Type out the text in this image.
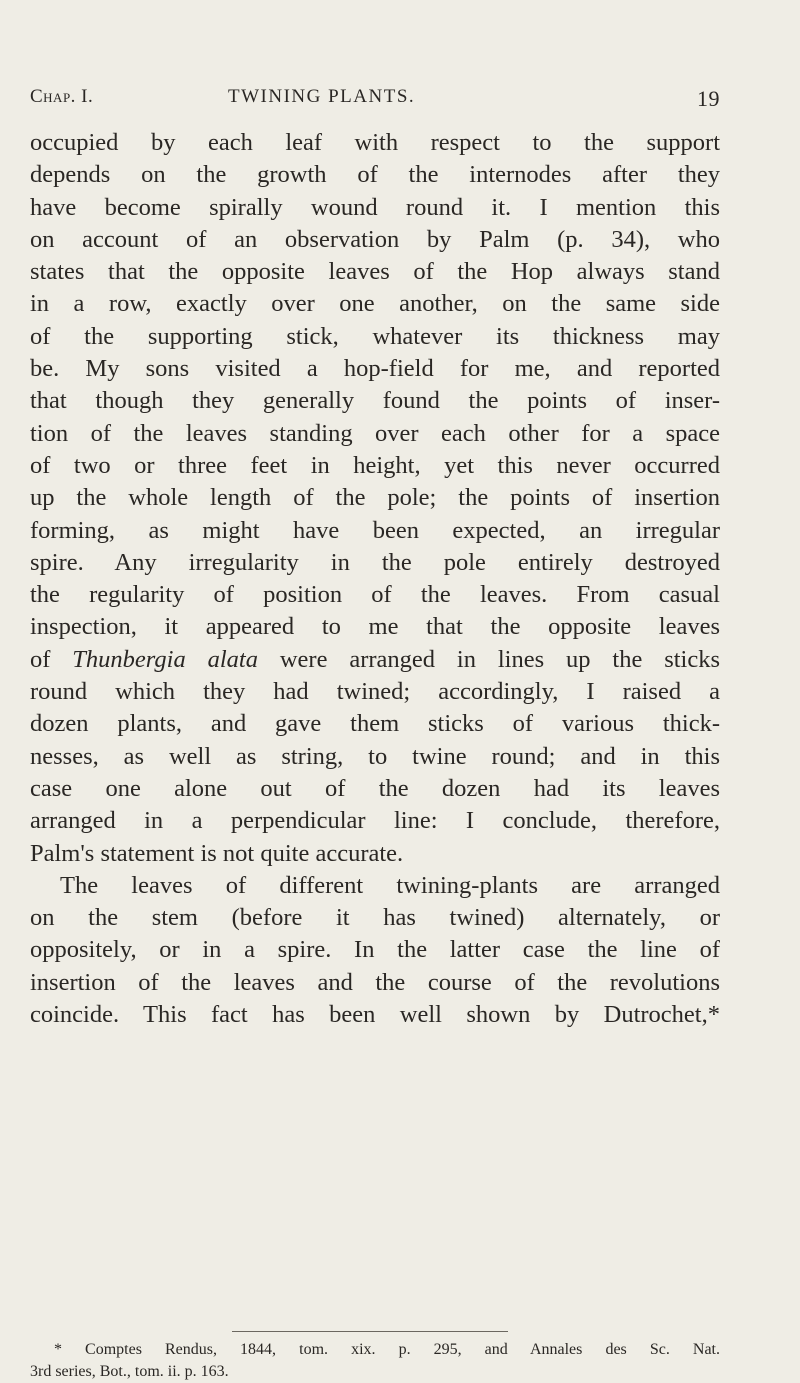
Chap. I.	TWINING PLANTS.	19
occupied by each leaf with respect to the support
depends on the growth of the internodes after they
have become spirally wound round it. I mention this
on account of an observation by Palm (p. 34), who
states that the opposite leaves of the Hop always stand
in a row, exactly over one another, on the same side
of the supporting stick, whatever its thickness may
be. My sons visited a hop-field for me, and reported
that though they generally found the points of inser-
tion of the leaves standing over each other for a space
of two or three feet in height, yet this never occurred
up the whole length of the pole; the points of insertion
forming, as might have been expected, an irregular
spire. Any irregularity in the pole entirely destroyed
the regularity of position of the leaves. From casual
inspection, it appeared to me that the opposite leaves
of Thunbergia alata were arranged in lines up the sticks
round which they had twined; accordingly, I raised a
dozen plants, and gave them sticks of various thick-
nesses, as well as string, to twine round; and in this
case one alone out of the dozen had its leaves
arranged in a perpendicular line: I conclude, therefore,
Palm's statement is not quite accurate.
The leaves of different twining-plants are arranged
on the stem (before it has twined) alternately, or
oppositely, or in a spire. In the latter case the line of
insertion of the leaves and the course of the revolutions
coincide. This fact has been well shown by Dutrochet,*
* Comptes Rendus, 1844, tom. xix. p. 295, and Annales des Sc. Nat.
3rd series, Bot., tom. ii. p. 163.
